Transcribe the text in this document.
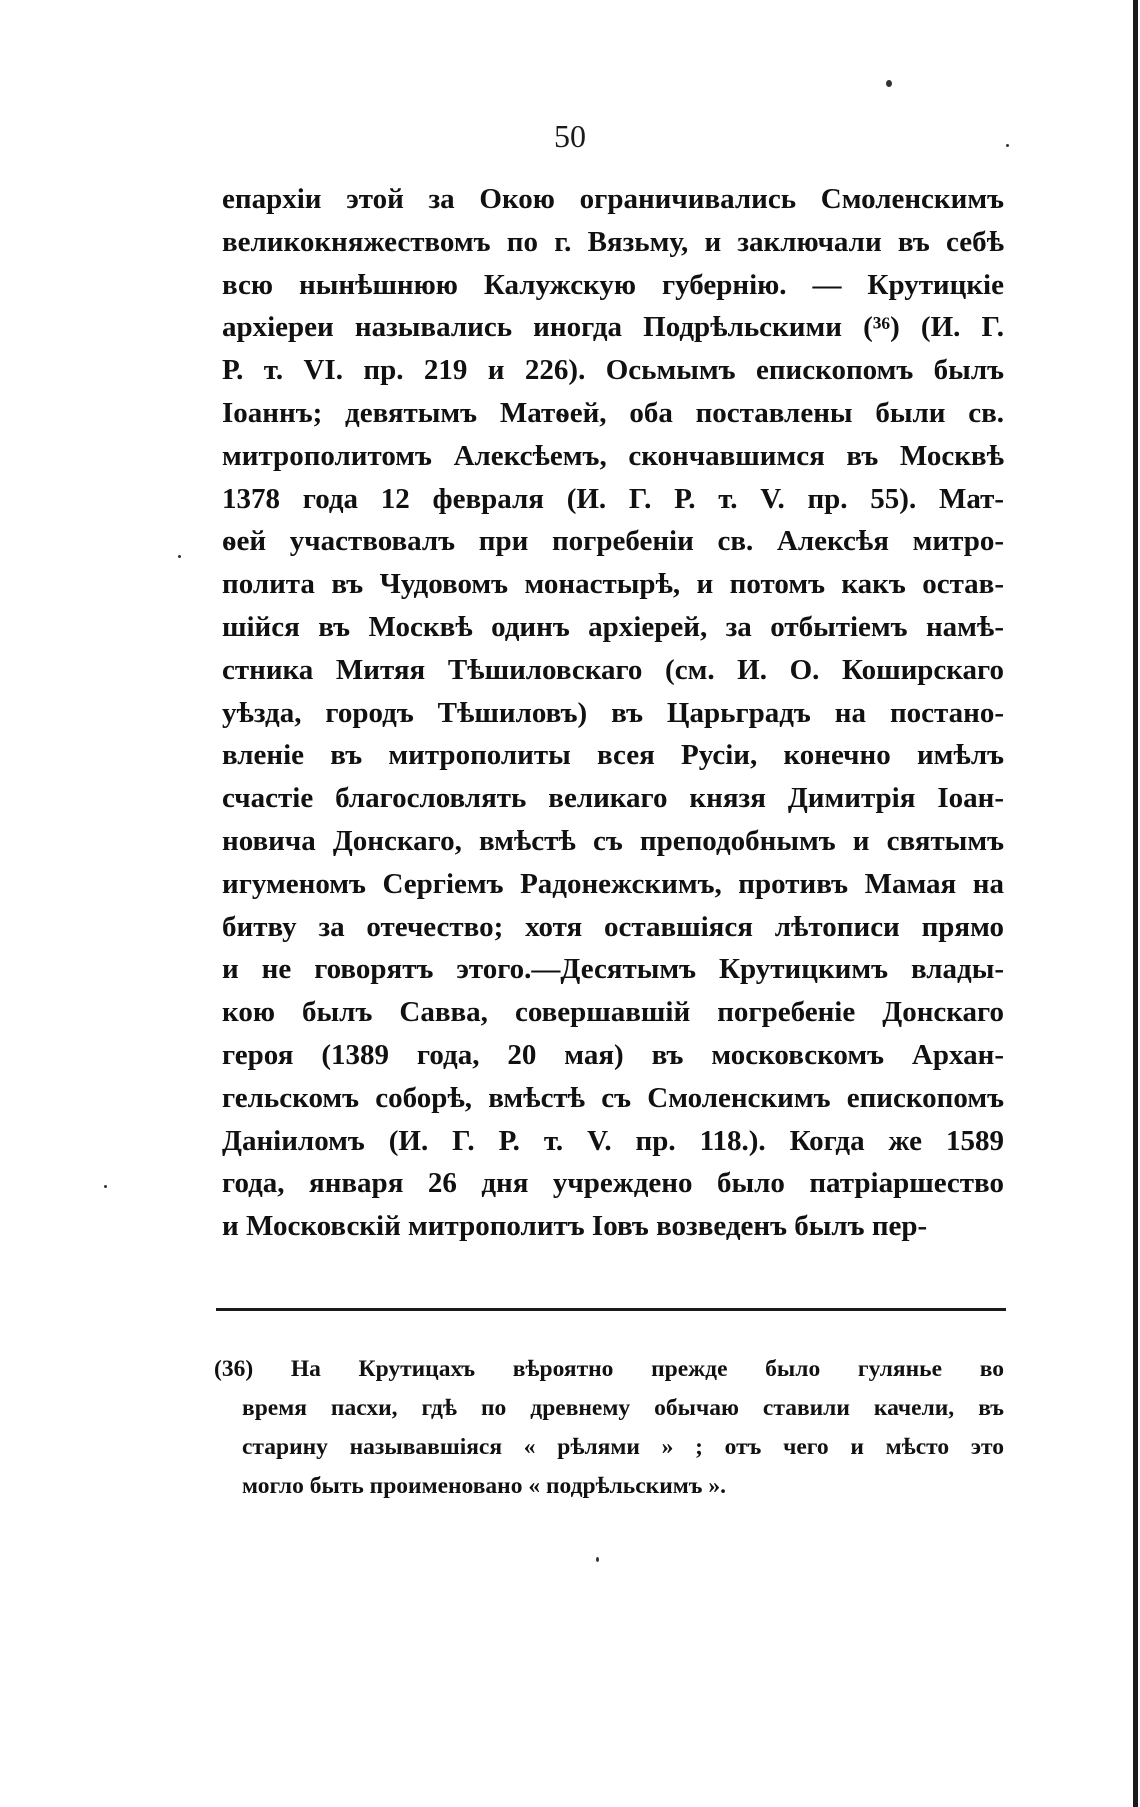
50
епархіи этой за Окою ограничивались Смоленскимъ
великокняжествомъ по г. Вязьму, и заключали въ себѣ
всю нынѣшнюю Калужскую губернію. — Крутицкіе
архіереи назывались иногда Подрѣльскими (³⁶) (И. Г.
Р. т. VI. пр. 219 и 226). Осьмымъ епископомъ былъ
Іоаннъ; девятымъ Матѳей, оба поставлены были св.
митрополитомъ Алексѣемъ, скончавшимся въ Москвѣ
1378 года 12 февраля (И. Г. Р. т. V. пр. 55). Мат-
ѳей участвовалъ при погребеніи св. Алексѣя митро-
полита въ Чудовомъ монастырѣ, и потомъ какъ остав-
шійся въ Москвѣ одинъ архіерей, за отбытіемъ намѣ-
стника Митяя Тѣшиловскаго (см. И. О. Коширскаго
уѣзда, городъ Тѣшиловъ) въ Царьградъ на постано-
вленіе въ митрополиты всея Русіи, конечно имѣлъ
счастіе благословлять великаго князя Димитрія Іоан-
новича Донскаго, вмѣстѣ съ преподобнымъ и святымъ
игуменомъ Сергіемъ Радонежскимъ, противъ Мамая на
битву за отечество; хотя оставшіяся лѣтописи прямо
и не говорятъ этого.—Десятымъ Крутицкимъ влады-
кою былъ Савва, совершавшій погребеніе Донскаго
героя (1389 года, 20 мая) въ московскомъ Архан-
гельскомъ соборѣ, вмѣстѣ съ Смоленскимъ епископомъ
Даніиломъ (И. Г. Р. т. V. пр. 118.). Когда же 1589
года, января 26 дня учреждено было патріаршество
и Московскій митрополитъ Іовъ возведенъ былъ пер-
(36) На Крутицахъ вѣроятно прежде было гулянье во
время пасхи, гдѣ по древнему обычаю ставили качели, въ
старину называвшіяся « рѣлями » ; отъ чего и мѣсто это
могло быть проименовано « подрѣльскимъ ».
